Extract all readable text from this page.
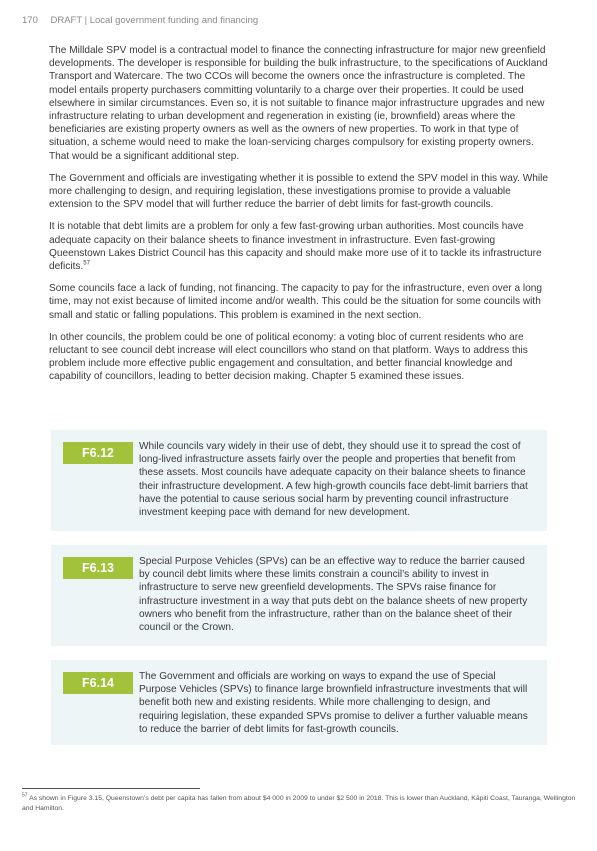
170 DRAFT | Local government funding and financing

The Milldale SPV model is a contractual model to finance the connecting infrastructure for major new greenfield developments. The developer is responsible for building the bulk infrastructure, to the specifications of Auckland Transport and Watercare. The two CCOs will become the owners once the infrastructure is completed. The model entails property purchasers committing voluntarily to a charge over their properties. It could be used elsewhere in similar circumstances. Even so, it is not suitable to finance major infrastructure upgrades and new infrastructure relating to urban development and regeneration in existing (ie, brownfield) areas where the beneficiaries are existing property owners as well as the owners of new properties. To work in that type of situation, a scheme would need to make the loan-servicing charges compulsory for existing property owners. That would be a significant additional step.

The Government and officials are investigating whether it is possible to extend the SPV model in this way. While more challenging to design, and requiring legislation, these investigations promise to provide a valuable extension to the SPV model that will further reduce the barrier of debt limits for fast-growth councils.

It is notable that debt limits are a problem for only a few fast-growing urban authorities. Most councils have adequate capacity on their balance sheets to finance investment in infrastructure. Even fast-growing Queenstown Lakes District Council has this capacity and should make more use of it to tackle its infrastructure deficits.$^{57}$

Some councils face a lack of funding, not financing. The capacity to pay for the infrastructure, even over a long time, may not exist because of limited income and/or wealth. This could be the situation for some councils with small and static or falling populations. This problem is examined in the next section.

In other councils, the problem could be one of political economy: a voting bloc of current residents who are reluctant to see council debt increase will elect councillors who stand on that platform. Ways to address this problem include more effective public engagement and consultation, and better financial knowledge and capability of councillors, leading to better decision making. Chapter 5 examined these issues.

F6.12	While councils vary widely in their use of debt, they should use it to spread the cost of long-lived infrastructure assets fairly over the people and properties that benefit from these assets. Most councils have adequate capacity on their balance sheets to finance their infrastructure development. A few high-growth councils face debt-limit barriers that have the potential to cause serious social harm by preventing council infrastructure investment keeping pace with demand for new development.

F6.13	Special Purpose Vehicles (SPVs) can be an effective way to reduce the barrier caused by council debt limits where these limits constrain a council’s ability to invest in infrastructure to serve new greenfield developments. The SPVs raise finance for infrastructure investment in a way that puts debt on the balance sheets of new property owners who benefit from the infrastructure, rather than on the balance sheet of their council or the Crown.

F6.14	The Government and officials are working on ways to expand the use of Special Purpose Vehicles (SPVs) to finance large brownfield infrastructure investments that will benefit both new and existing residents. While more challenging to design, and requiring legislation, these expanded SPVs promise to deliver a further valuable means to reduce the barrier of debt limits for fast-growth councils.

$^{57}$ As shown in Figure 3.15, Queenstown’s debt per capita has fallen from about $4 000 in 2009 to under $2 500 in 2018. This is lower than Auckland, Kāpiti Coast, Tauranga, Wellington and Hamilton.
